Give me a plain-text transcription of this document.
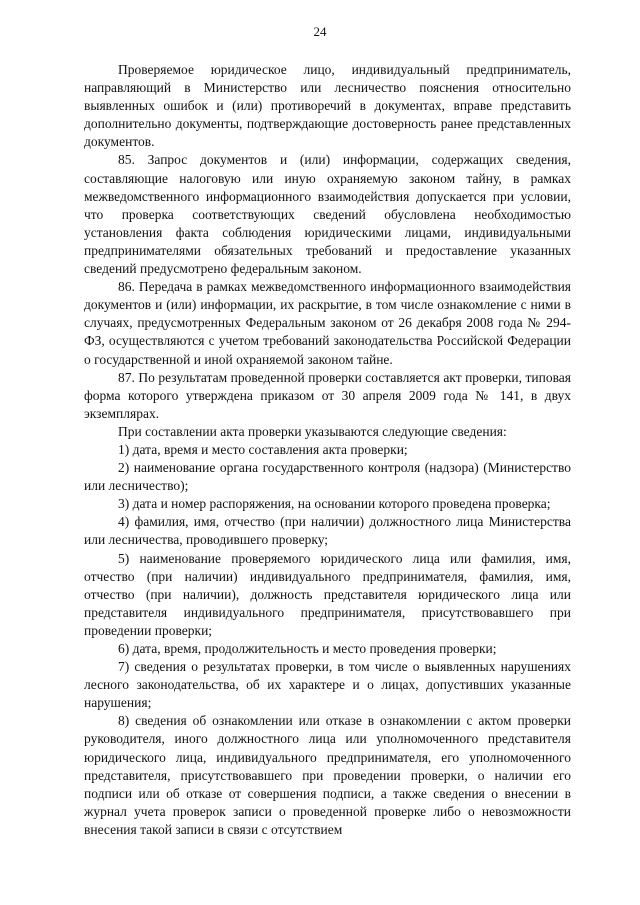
24

Проверяемое юридическое лицо, индивидуальный предприниматель, направляющий в Министерство или лесничество пояснения относительно выявленных ошибок и (или) противоречий в документах, вправе представить дополнительно документы, подтверждающие достоверность ранее представленных документов.

85. Запрос документов и (или) информации, содержащих сведения, составляющие налоговую или иную охраняемую законом тайну, в рамках межведомственного информационного взаимодействия допускается при условии, что проверка соответствующих сведений обусловлена необходимостью установления факта соблюдения юридическими лицами, индивидуальными предпринимателями обязательных требований и предоставление указанных сведений предусмотрено федеральным законом.

86. Передача в рамках межведомственного информационного взаимодействия документов и (или) информации, их раскрытие, в том числе ознакомление с ними в случаях, предусмотренных Федеральным законом от 26 декабря 2008 года № 294-ФЗ, осуществляются с учетом требований законодательства Российской Федерации о государственной и иной охраняемой законом тайне.

87. По результатам проведенной проверки составляется акт проверки, типовая форма которого утверждена приказом от 30 апреля 2009 года № 141, в двух экземплярах.

При составлении акта проверки указываются следующие сведения:

1) дата, время и место составления акта проверки;

2) наименование органа государственного контроля (надзора) (Министерство или лесничество);

3) дата и номер распоряжения, на основании которого проведена проверка;

4) фамилия, имя, отчество (при наличии) должностного лица Министерства или лесничества, проводившего проверку;

5) наименование проверяемого юридического лица или фамилия, имя, отчество (при наличии) индивидуального предпринимателя, фамилия, имя, отчество (при наличии), должность представителя юридического лица или представителя индивидуального предпринимателя, присутствовавшего при проведении проверки;

6) дата, время, продолжительность и место проведения проверки;

7) сведения о результатах проверки, в том числе о выявленных нарушениях лесного законодательства, об их характере и о лицах, допустивших указанные нарушения;

8) сведения об ознакомлении или отказе в ознакомлении с актом проверки руководителя, иного должностного лица или уполномоченного представителя юридического лица, индивидуального предпринимателя, его уполномоченного представителя, присутствовавшего при проведении проверки, о наличии его подписи или об отказе от совершения подписи, а также сведения о внесении в журнал учета проверок записи о проведенной проверке либо о невозможности внесения такой записи в связи с отсутствием
